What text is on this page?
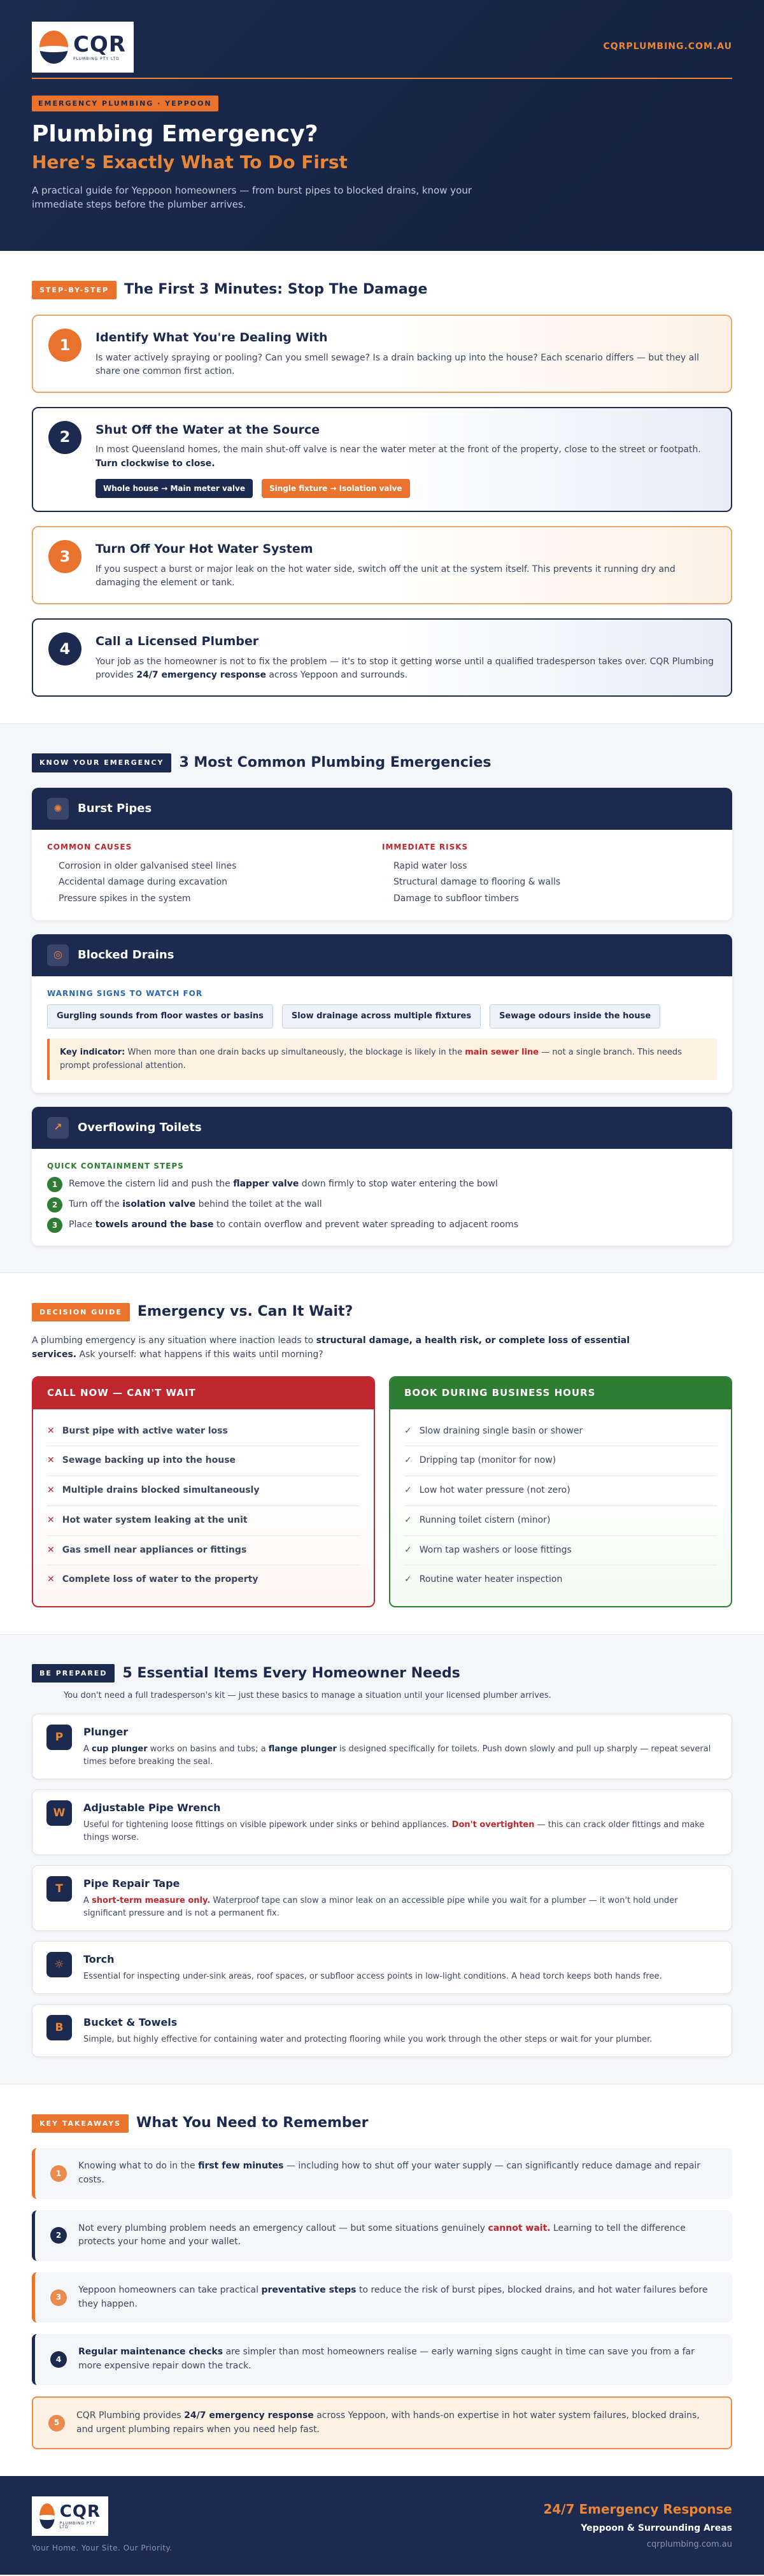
CQR
PLUMBING PTY LTD
CQRPLUMBING.COM.AU
EMERGENCY PLUMBING · YEPPOON
Plumbing Emergency?
Here's Exactly What To Do First

A practical guide for Yeppoon homeowners — from burst pipes to blocked drains, know your immediate steps before the plumber arrives.

STEP-BY-STEP	The First 3 Minutes: Stop The Damage
1	Identify What You're Dealing With

Is water actively spraying or pooling? Can you smell sewage? Is a drain backing up into the house? Each scenario differs — but they all share one common first action.

2	Shut Off the Water at the Source

In most Queensland homes, the main shut-off valve is near the water meter at the front of the property, close to the street or footpath. Turn clockwise to close.

Whole house → Main meter valve	Single fixture → Isolation valve
3	Turn Off Your Hot Water System

If you suspect a burst or major leak on the hot water side, switch off the unit at the system itself. This prevents it running dry and damaging the element or tank.

4	Call a Licensed Plumber

Your job as the homeowner is not to fix the problem — it's to stop it getting worse until a qualified tradesperson takes over. CQR Plumbing provides 24/7 emergency response across Yeppoon and surrounds.

KNOW YOUR EMERGENCY	3 Most Common Plumbing Emergencies
✺	Burst Pipes
COMMON CAUSES
Corrosion in older galvanised steel lines
Accidental damage during excavation
Pressure spikes in the system
IMMEDIATE RISKS
Rapid water loss
Structural damage to flooring & walls
Damage to subfloor timbers
◎	Blocked Drains
WARNING SIGNS TO WATCH FOR
Gurgling sounds from floor wastes or basins	Slow drainage across multiple fixtures	Sewage odours inside the house
Key indicator: When more than one drain backs up simultaneously, the blockage is likely in the main sewer line — not a single branch. This needs prompt professional attention.
↗	Overflowing Toilets
QUICK CONTAINMENT STEPS
1	Remove the cistern lid and push the flapper valve down firmly to stop water entering the bowl
2	Turn off the isolation valve behind the toilet at the wall
3	Place towels around the base to contain overflow and prevent water spreading to adjacent rooms
DECISION GUIDE	Emergency vs. Can It Wait?

A plumbing emergency is any situation where inaction leads to structural damage, a health risk, or complete loss of essential services. Ask yourself: what happens if this waits until morning?

CALL NOW — CAN'T WAIT
✕ Burst pipe with active water loss
✕ Sewage backing up into the house
✕ Multiple drains blocked simultaneously
✕ Hot water system leaking at the unit
✕ Gas smell near appliances or fittings
✕ Complete loss of water to the property
BOOK DURING BUSINESS HOURS
✓ Slow draining single basin or shower
✓ Dripping tap (monitor for now)
✓ Low hot water pressure (not zero)
✓ Running toilet cistern (minor)
✓ Worn tap washers or loose fittings
✓ Routine water heater inspection
BE PREPARED	5 Essential Items Every Homeowner Needs

You don't need a full tradesperson's kit — just these basics to manage a situation until your licensed plumber arrives.

P	Plunger

A cup plunger works on basins and tubs; a flange plunger is designed specifically for toilets. Push down slowly and pull up sharply — repeat several times before breaking the seal.

W	Adjustable Pipe Wrench

Useful for tightening loose fittings on visible pipework under sinks or behind appliances. Don't overtighten — this can crack older fittings and make things worse.

T	Pipe Repair Tape

A short-term measure only. Waterproof tape can slow a minor leak on an accessible pipe while you wait for a plumber — it won't hold under significant pressure and is not a permanent fix.

☼	Torch

Essential for inspecting under-sink areas, roof spaces, or subfloor access points in low-light conditions. A head torch keeps both hands free.

B	Bucket & Towels

Simple, but highly effective for containing water and protecting flooring while you work through the other steps or wait for your plumber.

KEY TAKEAWAYS	What You Need to Remember
1

Knowing what to do in the first few minutes — including how to shut off your water supply — can significantly reduce damage and repair costs.

2

Not every plumbing problem needs an emergency callout — but some situations genuinely cannot wait. Learning to tell the difference protects your home and your wallet.

3

Yeppoon homeowners can take practical preventative steps to reduce the risk of burst pipes, blocked drains, and hot water failures before they happen.

4

Regular maintenance checks are simpler than most homeowners realise — early warning signs caught in time can save you from a far more expensive repair down the track.

5

CQR Plumbing provides 24/7 emergency response across Yeppoon, with hands-on expertise in hot water system failures, blocked drains, and urgent plumbing repairs when you need help fast.

CQR
PLUMBING PTY LTD
Your Home. Your Site. Our Priority.
24/7 Emergency Response
Yeppoon & Surrounding Areas
cqrplumbing.com.au
